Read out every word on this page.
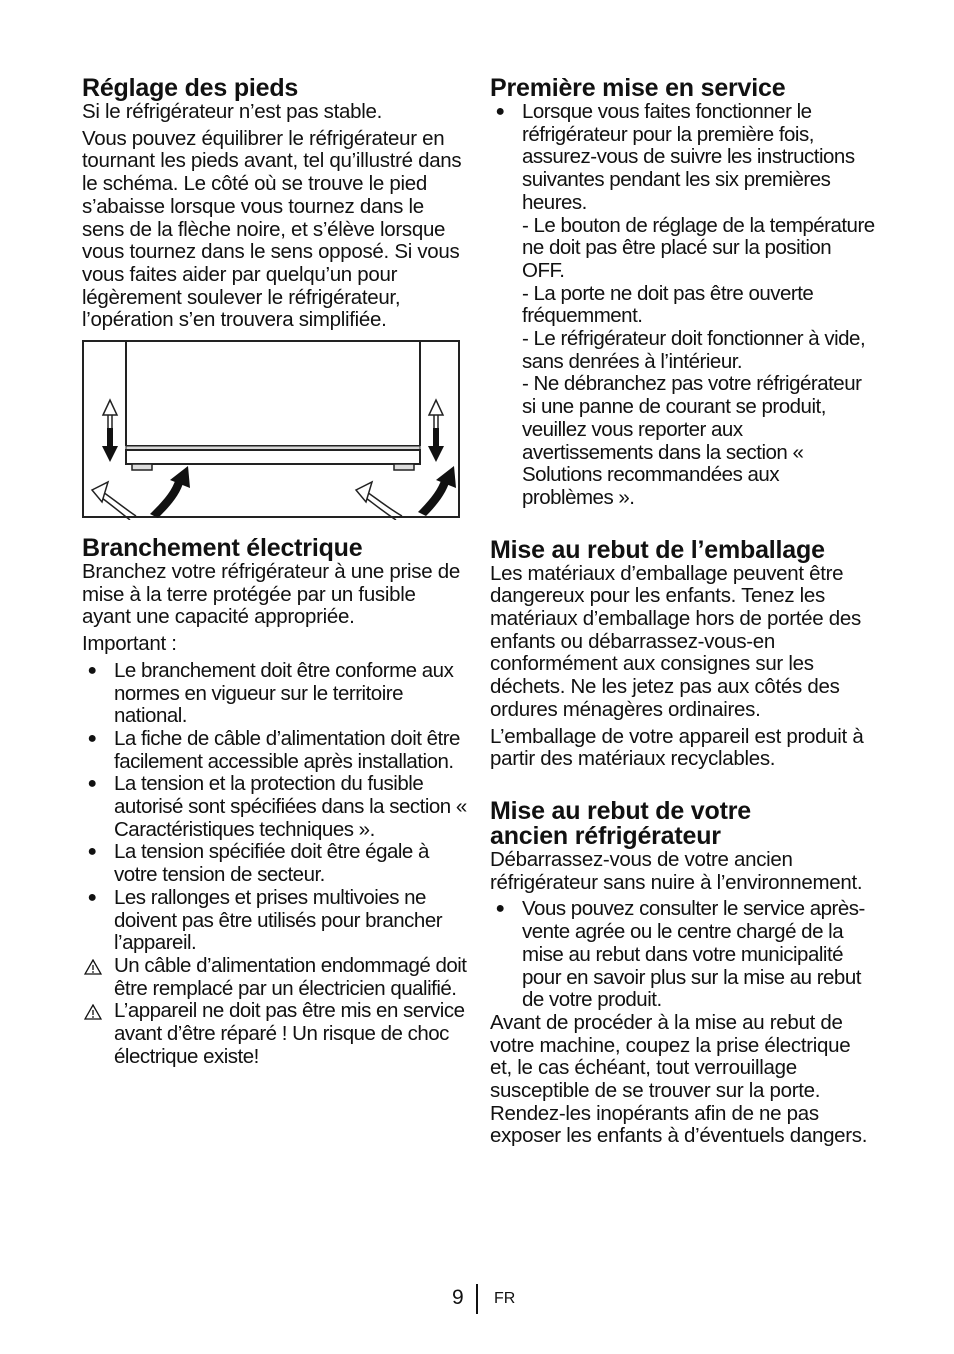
Réglage des pieds

Si le réfrigérateur n’est pas stable.

Vous pouvez équilibrer le réfrigérateur en tournant les pieds avant, tel qu’illustré dans le schéma. Le côté où se trouve le pied s’abaisse lorsque vous tournez dans le sens de la flèche noire, et s’élève lorsque vous tournez dans le sens opposé. Si vous vous faites aider par quelqu’un pour légèrement soulever le réfrigérateur, l’opération s’en trouvera simplifiée.

Branchement électrique

Branchez votre réfrigérateur à une prise de mise à la terre protégée par un fusible ayant une capacité appropriée.

Important :

● Le branchement doit être conforme aux normes en vigueur sur le territoire national.
● La fiche de câble d’alimentation doit être facilement accessible après installation.
● La tension et la protection du fusible autorisé sont spécifiées dans la section « Caractéristiques techniques ».
● La tension spécifiée doit être égale à votre tension de secteur.
● Les rallonges et prises multivoies ne doivent pas être utilisés pour brancher l’appareil.
Un câble d’alimentation endommagé doit être remplacé par un électricien qualifié.
L’appareil ne doit pas être mis en service avant d’être réparé ! Un risque de choc électrique existe!
Première mise en service
● Lorsque vous faites fonctionner le réfrigérateur pour la première fois, assurez-vous de suivre les instructions suivantes pendant les six premières heures.
- Le bouton de réglage de la température ne doit pas être placé sur la position OFF.
- La porte ne doit pas être ouverte fréquemment.
- Le réfrigérateur doit fonctionner à vide, sans denrées à l’intérieur.
- Ne débranchez pas votre réfrigérateur si une panne de courant se produit, veuillez vous reporter aux avertissements dans la section « Solutions recommandées aux problèmes ».
Mise au rebut de l’emballage

Les matériaux d’emballage peuvent être dangereux pour les enfants. Tenez les matériaux d’emballage hors de portée des enfants ou débarrassez-vous-en conformément aux consignes sur les déchets. Ne les jetez pas aux côtés des ordures ménagères ordinaires.

L’emballage de votre appareil est produit à partir des matériaux recyclables.

Mise au rebut de votre ancien réfrigérateur

Débarrassez-vous de votre ancien réfrigérateur sans nuire à l’environnement.

● Vous pouvez consulter le service après-vente agrée ou le centre chargé de la mise au rebut dans votre municipalité pour en savoir plus sur la mise au rebut de votre produit.

Avant de procéder à la mise au rebut de votre machine, coupez la prise électrique et, le cas échéant, tout verrouillage susceptible de se trouver sur la porte. Rendez-les inopérants afin de ne pas exposer les enfants à d’éventuels dangers.

9 FR
